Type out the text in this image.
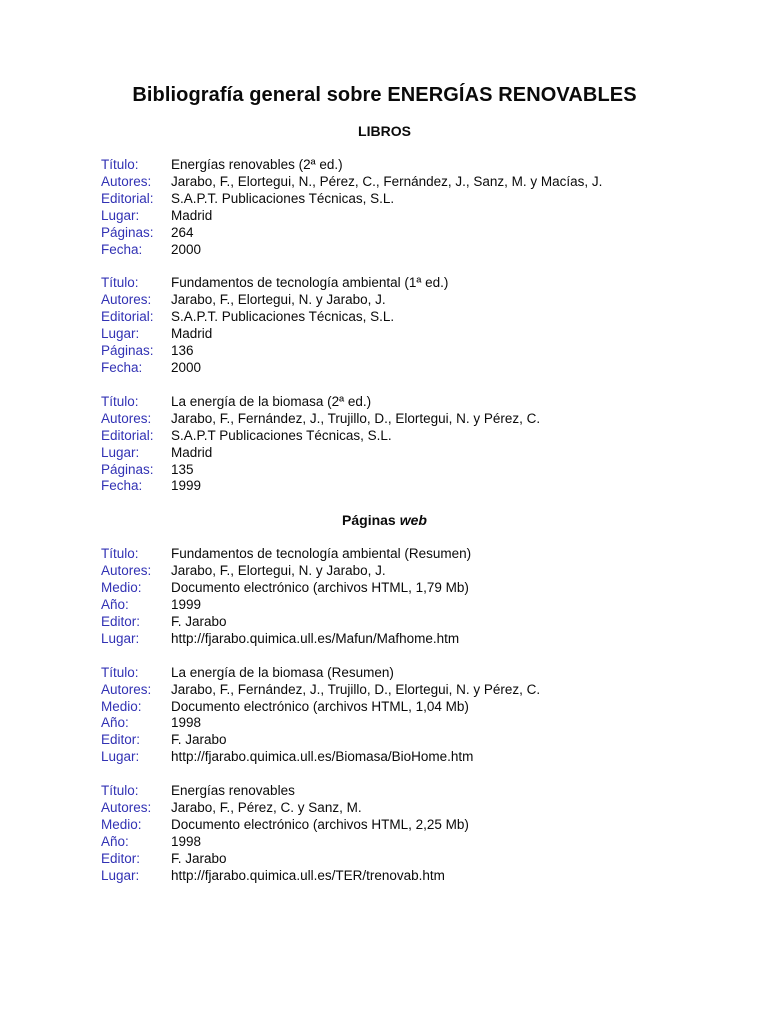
Bibliografía general sobre ENERGÍAS RENOVABLES
LIBROS
Título:	Energías renovables (2ª ed.)
Autores:	Jarabo, F., Elortegui, N., Pérez, C., Fernández, J., Sanz, M. y Macías, J.
Editorial:	S.A.P.T. Publicaciones Técnicas, S.L.
Lugar:	Madrid
Páginas:	264
Fecha:	2000
Título:	Fundamentos de tecnología ambiental (1ª ed.)
Autores:	Jarabo, F., Elortegui, N. y Jarabo, J.
Editorial:	S.A.P.T. Publicaciones Técnicas, S.L.
Lugar:	Madrid
Páginas:	136
Fecha:	2000
Título:	La energía de la biomasa (2ª ed.)
Autores:	Jarabo, F., Fernández, J., Trujillo, D., Elortegui, N. y Pérez, C.
Editorial:	S.A.P.T Publicaciones Técnicas, S.L.
Lugar:	Madrid
Páginas:	135
Fecha:	1999
Páginas web
Título:	Fundamentos de tecnología ambiental (Resumen)
Autores:	Jarabo, F., Elortegui, N. y Jarabo, J.
Medio:	Documento electrónico (archivos HTML, 1,79 Mb)
Año:	1999
Editor:	F. Jarabo
Lugar:	http://fjarabo.quimica.ull.es/Mafun/Mafhome.htm
Título:	La energía de la biomasa (Resumen)
Autores:	Jarabo, F., Fernández, J., Trujillo, D., Elortegui, N. y Pérez, C.
Medio:	Documento electrónico (archivos HTML, 1,04 Mb)
Año:	1998
Editor:	F. Jarabo
Lugar:	http://fjarabo.quimica.ull.es/Biomasa/BioHome.htm
Título:	Energías renovables
Autores:	Jarabo, F., Pérez, C. y Sanz, M.
Medio:	Documento electrónico (archivos HTML, 2,25 Mb)
Año:	1998
Editor:	F. Jarabo
Lugar:	http://fjarabo.quimica.ull.es/TER/trenovab.htm
